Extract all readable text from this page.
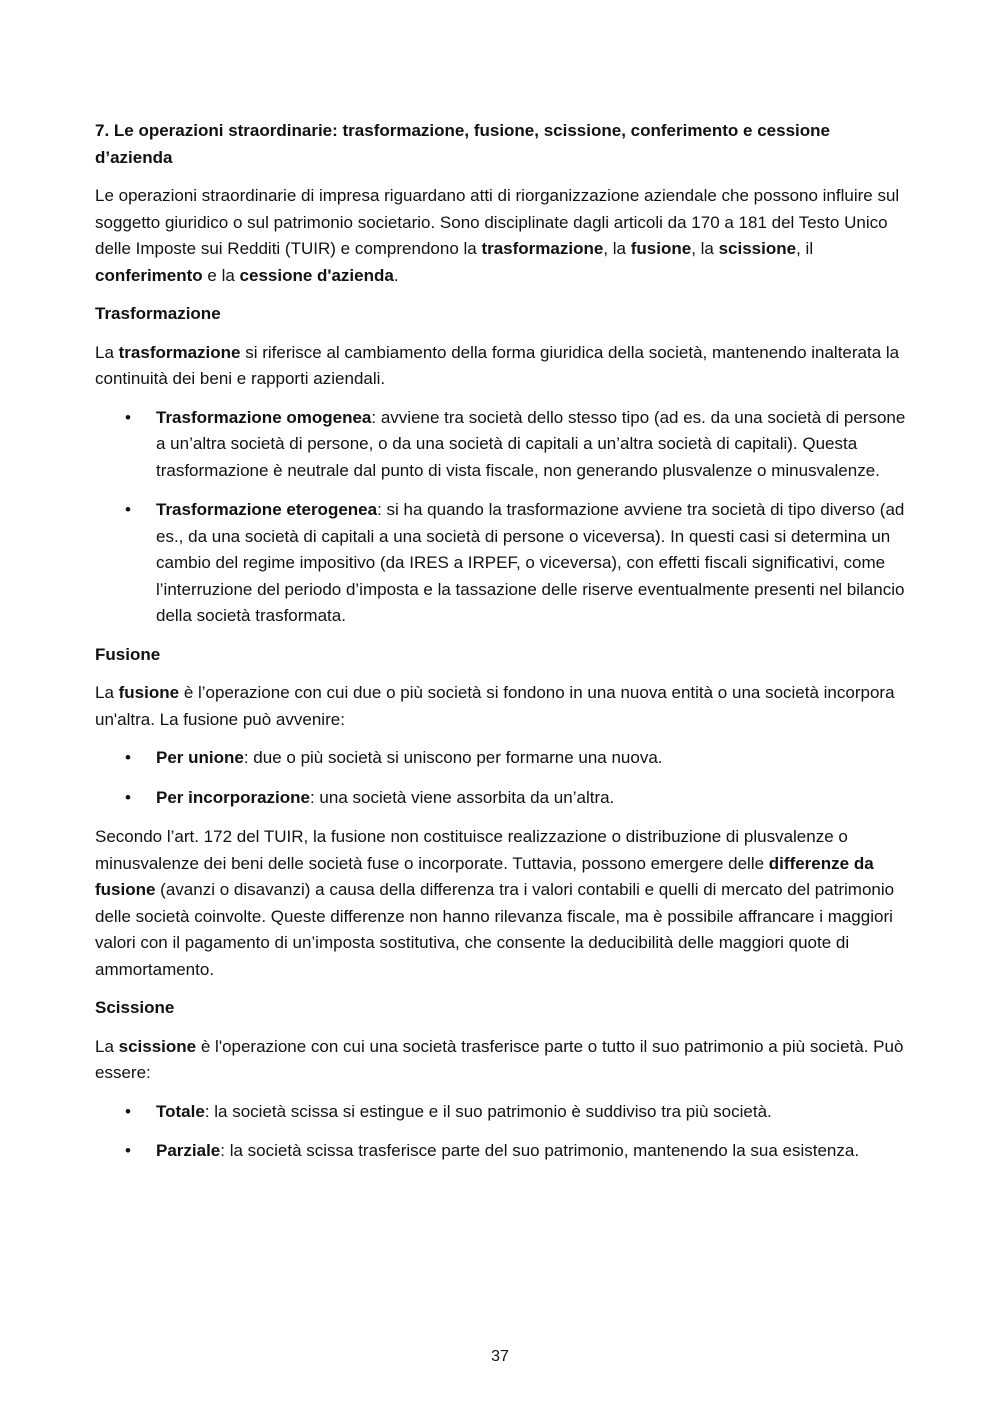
7. Le operazioni straordinarie: trasformazione, fusione, scissione, conferimento e cessione d’azienda

Le operazioni straordinarie di impresa riguardano atti di riorganizzazione aziendale che possono influire sul soggetto giuridico o sul patrimonio societario. Sono disciplinate dagli articoli da 170 a 181 del Testo Unico delle Imposte sui Redditi (TUIR) e comprendono la trasformazione, la fusione, la scissione, il conferimento e la cessione d'azienda.

Trasformazione

La trasformazione si riferisce al cambiamento della forma giuridica della società, mantenendo inalterata la continuità dei beni e rapporti aziendali.

• Trasformazione omogenea: avviene tra società dello stesso tipo (ad es. da una società di persone a un’altra società di persone, o da una società di capitali a un’altra società di capitali). Questa trasformazione è neutrale dal punto di vista fiscale, non generando plusvalenze o minusvalenze.
• Trasformazione eterogenea: si ha quando la trasformazione avviene tra società di tipo diverso (ad es., da una società di capitali a una società di persone o viceversa). In questi casi si determina un cambio del regime impositivo (da IRES a IRPEF, o viceversa), con effetti fiscali significativi, come l’interruzione del periodo d’imposta e la tassazione delle riserve eventualmente presenti nel bilancio della società trasformata.
Fusione

La fusione è l’operazione con cui due o più società si fondono in una nuova entità o una società incorpora un'altra. La fusione può avvenire:

• Per unione: due o più società si uniscono per formarne una nuova.
• Per incorporazione: una società viene assorbita da un’altra.

Secondo l’art. 172 del TUIR, la fusione non costituisce realizzazione o distribuzione di plusvalenze o minusvalenze dei beni delle società fuse o incorporate. Tuttavia, possono emergere delle differenze da fusione (avanzi o disavanzi) a causa della differenza tra i valori contabili e quelli di mercato del patrimonio delle società coinvolte. Queste differenze non hanno rilevanza fiscale, ma è possibile affrancare i maggiori valori con il pagamento di un’imposta sostitutiva, che consente la deducibilità delle maggiori quote di ammortamento.

Scissione

La scissione è l'operazione con cui una società trasferisce parte o tutto il suo patrimonio a più società. Può essere:

• Totale: la società scissa si estingue e il suo patrimonio è suddiviso tra più società.
• Parziale: la società scissa trasferisce parte del suo patrimonio, mantenendo la sua esistenza.
37
